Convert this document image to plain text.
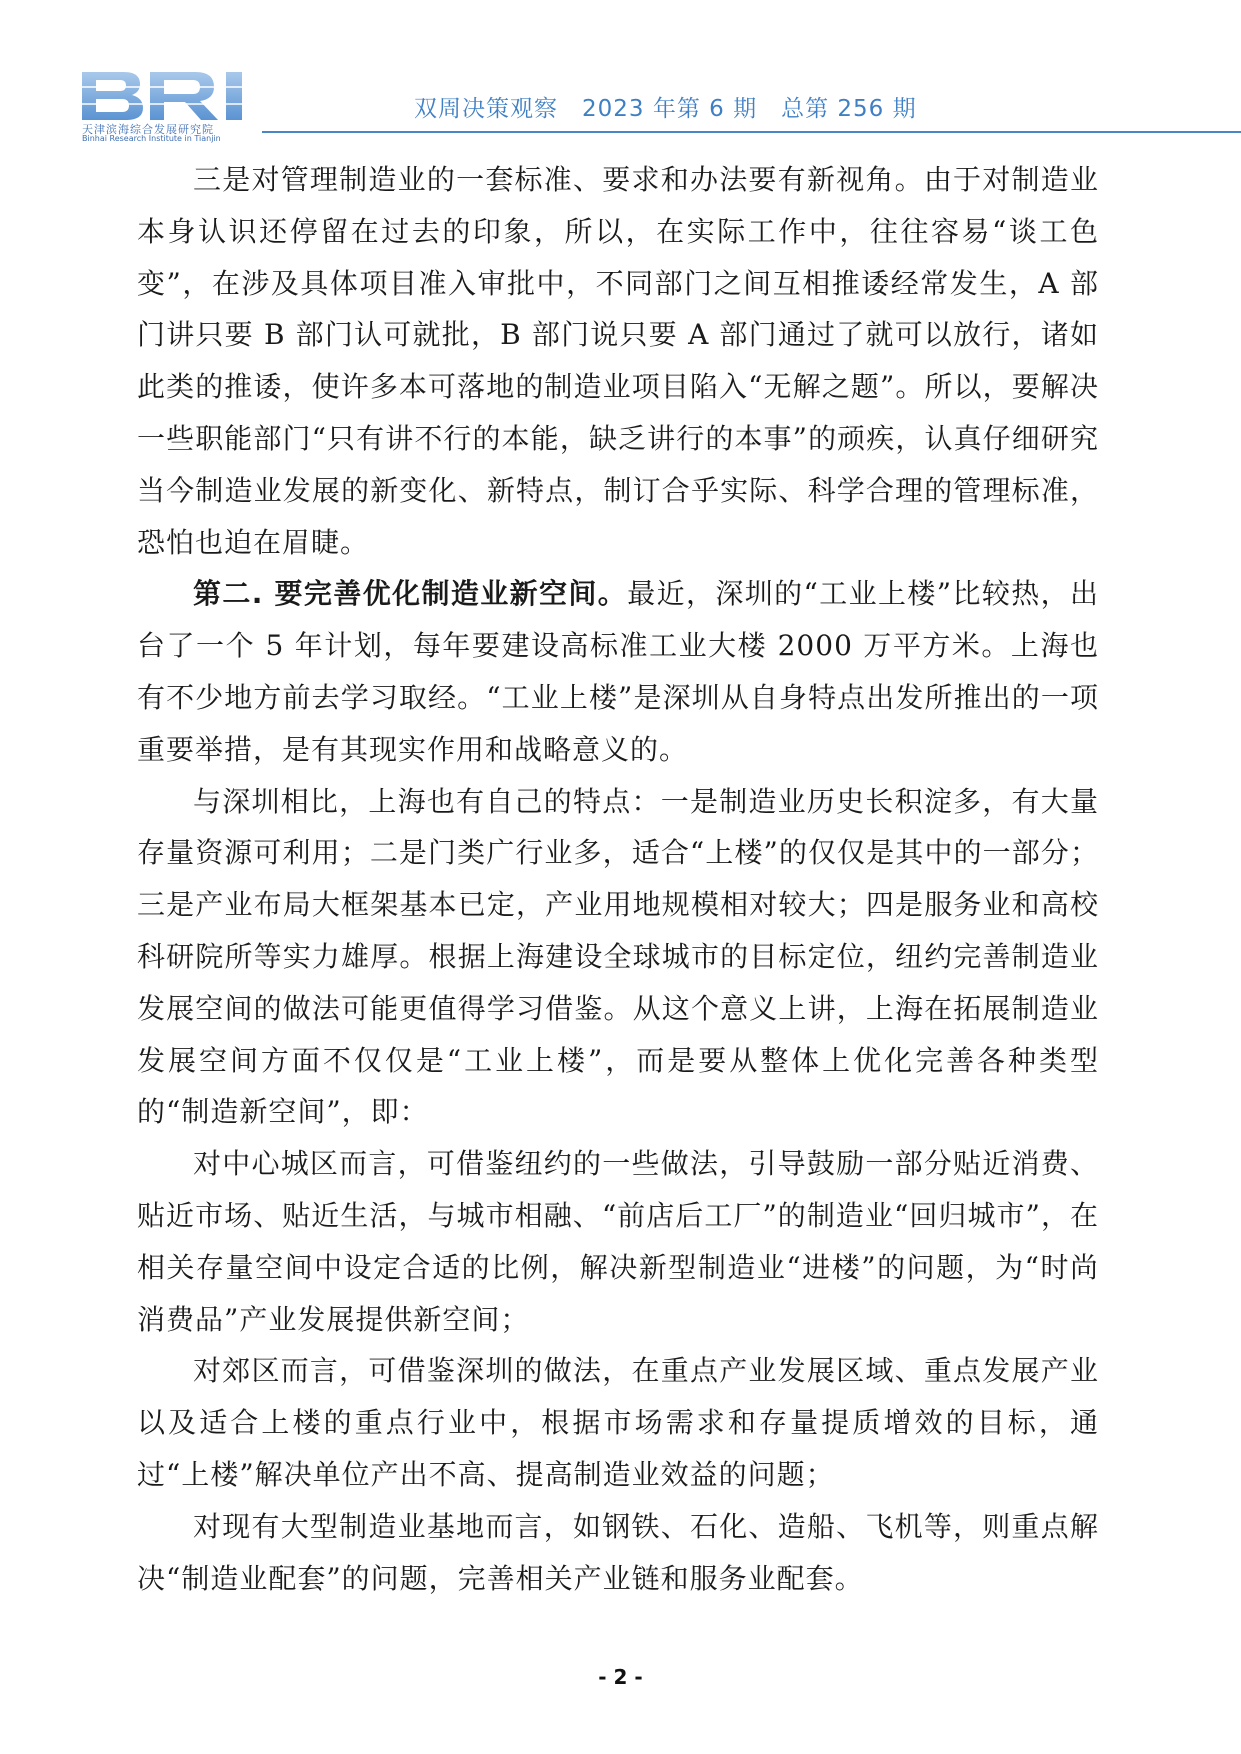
天津滨海综合发展研究院
Binhai Research Institute in Tianjin
双周决策观察　2023 年第 6 期　总第 256 期

三是对管理制造业的一套标准、要求和办法要有新视角。由于对制造业本身认识还停留在过去的印象，所以，在实际工作中，往往容易“谈工色变”，在涉及具体项目准入审批中，不同部门之间互相推诿经常发生，A 部门讲只要 B 部门认可就批，B 部门说只要 A 部门通过了就可以放行，诸如此类的推诿，使许多本可落地的制造业项目陷入“无解之题”。所以，要解决一些职能部门“只有讲不行的本能，缺乏讲行的本事”的顽疾，认真仔细研究当今制造业发展的新变化、新特点，制订合乎实际、科学合理的管理标准，恐怕也迫在眉睫。

第二. 要完善优化制造业新空间。最近，深圳的“工业上楼”比较热，出台了一个 5 年计划，每年要建设高标准工业大楼 2000 万平方米。上海也有不少地方前去学习取经。“工业上楼”是深圳从自身特点出发所推出的一项重要举措，是有其现实作用和战略意义的。

与深圳相比，上海也有自己的特点：一是制造业历史长积淀多，有大量存量资源可利用；二是门类广行业多，适合“上楼”的仅仅是其中的一部分；三是产业布局大框架基本已定，产业用地规模相对较大；四是服务业和高校科研院所等实力雄厚。根据上海建设全球城市的目标定位，纽约完善制造业发展空间的做法可能更值得学习借鉴。从这个意义上讲，上海在拓展制造业发展空间方面不仅仅是“工业上楼”，而是要从整体上优化完善各种类型的“制造新空间”，即：

对中心城区而言，可借鉴纽约的一些做法，引导鼓励一部分贴近消费、贴近市场、贴近生活，与城市相融、“前店后工厂”的制造业“回归城市”，在相关存量空间中设定合适的比例，解决新型制造业“进楼”的问题，为“时尚消费品”产业发展提供新空间；

对郊区而言，可借鉴深圳的做法，在重点产业发展区域、重点发展产业以及适合上楼的重点行业中，根据市场需求和存量提质增效的目标，通过“上楼”解决单位产出不高、提高制造业效益的问题；

对现有大型制造业基地而言，如钢铁、石化、造船、飞机等，则重点解决“制造业配套”的问题，完善相关产业链和服务业配套。

- 2 -
